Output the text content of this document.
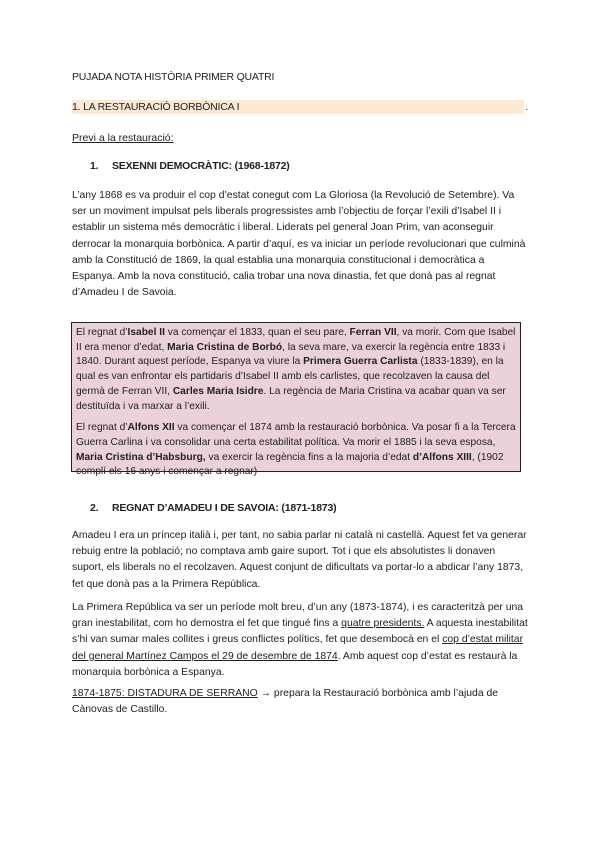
PUJADA NOTA HISTÒRIA PRIMER QUATRI
1. LA RESTAURACIÓ BORBÒNICA I	.
Previ a la restauració:
1. SEXENNI DEMOCRÀTIC: (1968-1872)
L’any 1868 es va produir el cop d’estat conegut com La Gloriosa (la Revolució de Setembre). Va ser un moviment impulsat pels liberals progressistes amb l’objectiu de forçar l’exili d’Isabel II i establir un sistema més democràtic i liberal. Liderats pel general Joan Prim, van aconseguir derrocar la monarquia borbònica. A partir d’aquí, es va iniciar un període revolucionari que culminà amb la Constitució de 1869, la qual establia una monarquia constitucional i democràtica a Espanya. Amb la nova constitució, calia trobar una nova dinastia, fet que donà pas al regnat d’Amadeu I de Savoia.

El regnat d’Isabel II va començar el 1833, quan el seu pare, Ferran VII, va morir. Com que Isabel II era menor d’edat, Maria Cristina de Borbó, la seva mare, va exercir la regència entre 1833 i 1840. Durant aquest període, Espanya va viure la Primera Guerra Carlista (1833-1839), en la qual es van enfrontar els partidaris d’Isabel II amb els carlistes, que recolzaven la causa del germà de Ferran VII, Carles Maria Isidre. La regència de Maria Cristina va acabar quan va ser destituïda i va marxar a l’exili.

El regnat d’Alfons XII va començar el 1874 amb la restauració borbònica. Va posar fi a la Tercera Guerra Carlina i va consolidar una certa estabilitat política. Va morir el 1885 i la seva esposa, Maria Cristina d’Habsburg, va exercir la regència fins a la majoria d’edat d’Alfons XIII, (1902 complí els 16 anys i començar a regnar)

2. REGNAT D’AMADEU I DE SAVOIA: (1871-1873)
Amadeu I era un príncep italià i, per tant, no sabia parlar ni català ni castellà. Aquest fet va generar rebuig entre la població; no comptava amb gaire suport. Tot i que els absolutistes li donaven suport, els liberals no el recolzaven. Aquest conjunt de dificultats va portar-lo a abdicar l’any 1873, fet que donà pas a la Primera República.
La Primera República va ser un període molt breu, d’un any (1873-1874), i es caracteritzà per una gran inestabilitat, com ho demostra el fet que tingué fins a quatre presidents. A aquesta inestabilitat s’hi van sumar males collites i greus conflictes polítics, fet que desembocà en el cop d’estat militar del general Martínez Campos el 29 de desembre de 1874. Amb aquest cop d’estat es restaurà la monarquia borbònica a Espanya.
1874-1875: DISTADURA DE SERRANO → prepara la Restauració borbònica amb l’ajuda de Cànovas de Castillo.
